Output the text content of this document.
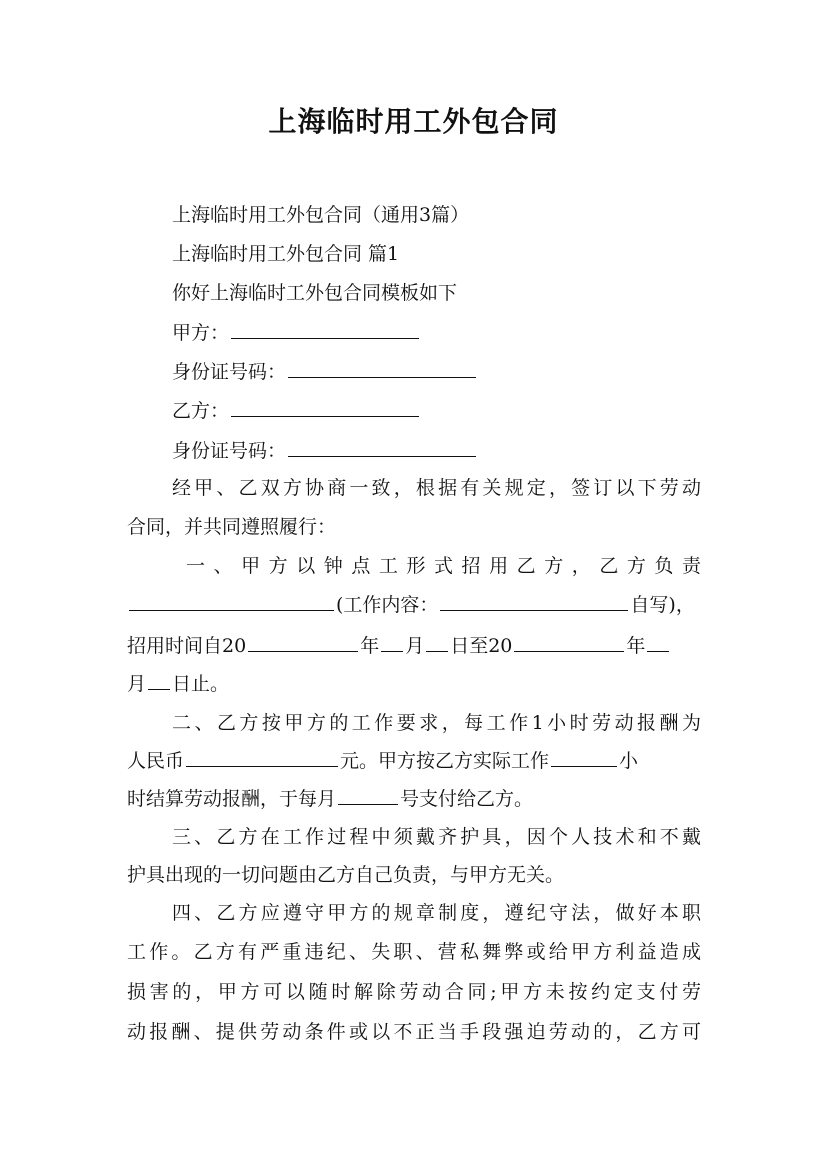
上海临时用工外包合同
上海临时用工外包合同（通用3篇）
上海临时用工外包合同 篇1
你好上海临时工外包合同模板如下
甲方：
身份证号码：
乙方：
身份证号码：
经甲、乙双方协商一致，根据有关规定，签订以下劳动
合同，并共同遵照履行：
一、甲方以钟点工形式招用乙方，乙方负责
(工作内容：	自写)，
招用时间自20	年 月 日至20	年
月 日止。
二、乙方按甲方的工作要求，每工作1小时劳动报酬为
人民币	元。甲方按乙方实际工作	小
时结算劳动报酬，于每月	号支付给乙方。
三、乙方在工作过程中须戴齐护具，因个人技术和不戴
护具出现的一切问题由乙方自己负责，与甲方无关。
四、乙方应遵守甲方的规章制度，遵纪守法，做好本职
工作。乙方有严重违纪、失职、营私舞弊或给甲方利益造成
损害的，甲方可以随时解除劳动合同;甲方未按约定支付劳
动报酬、提供劳动条件或以不正当手段强迫劳动的，乙方可
